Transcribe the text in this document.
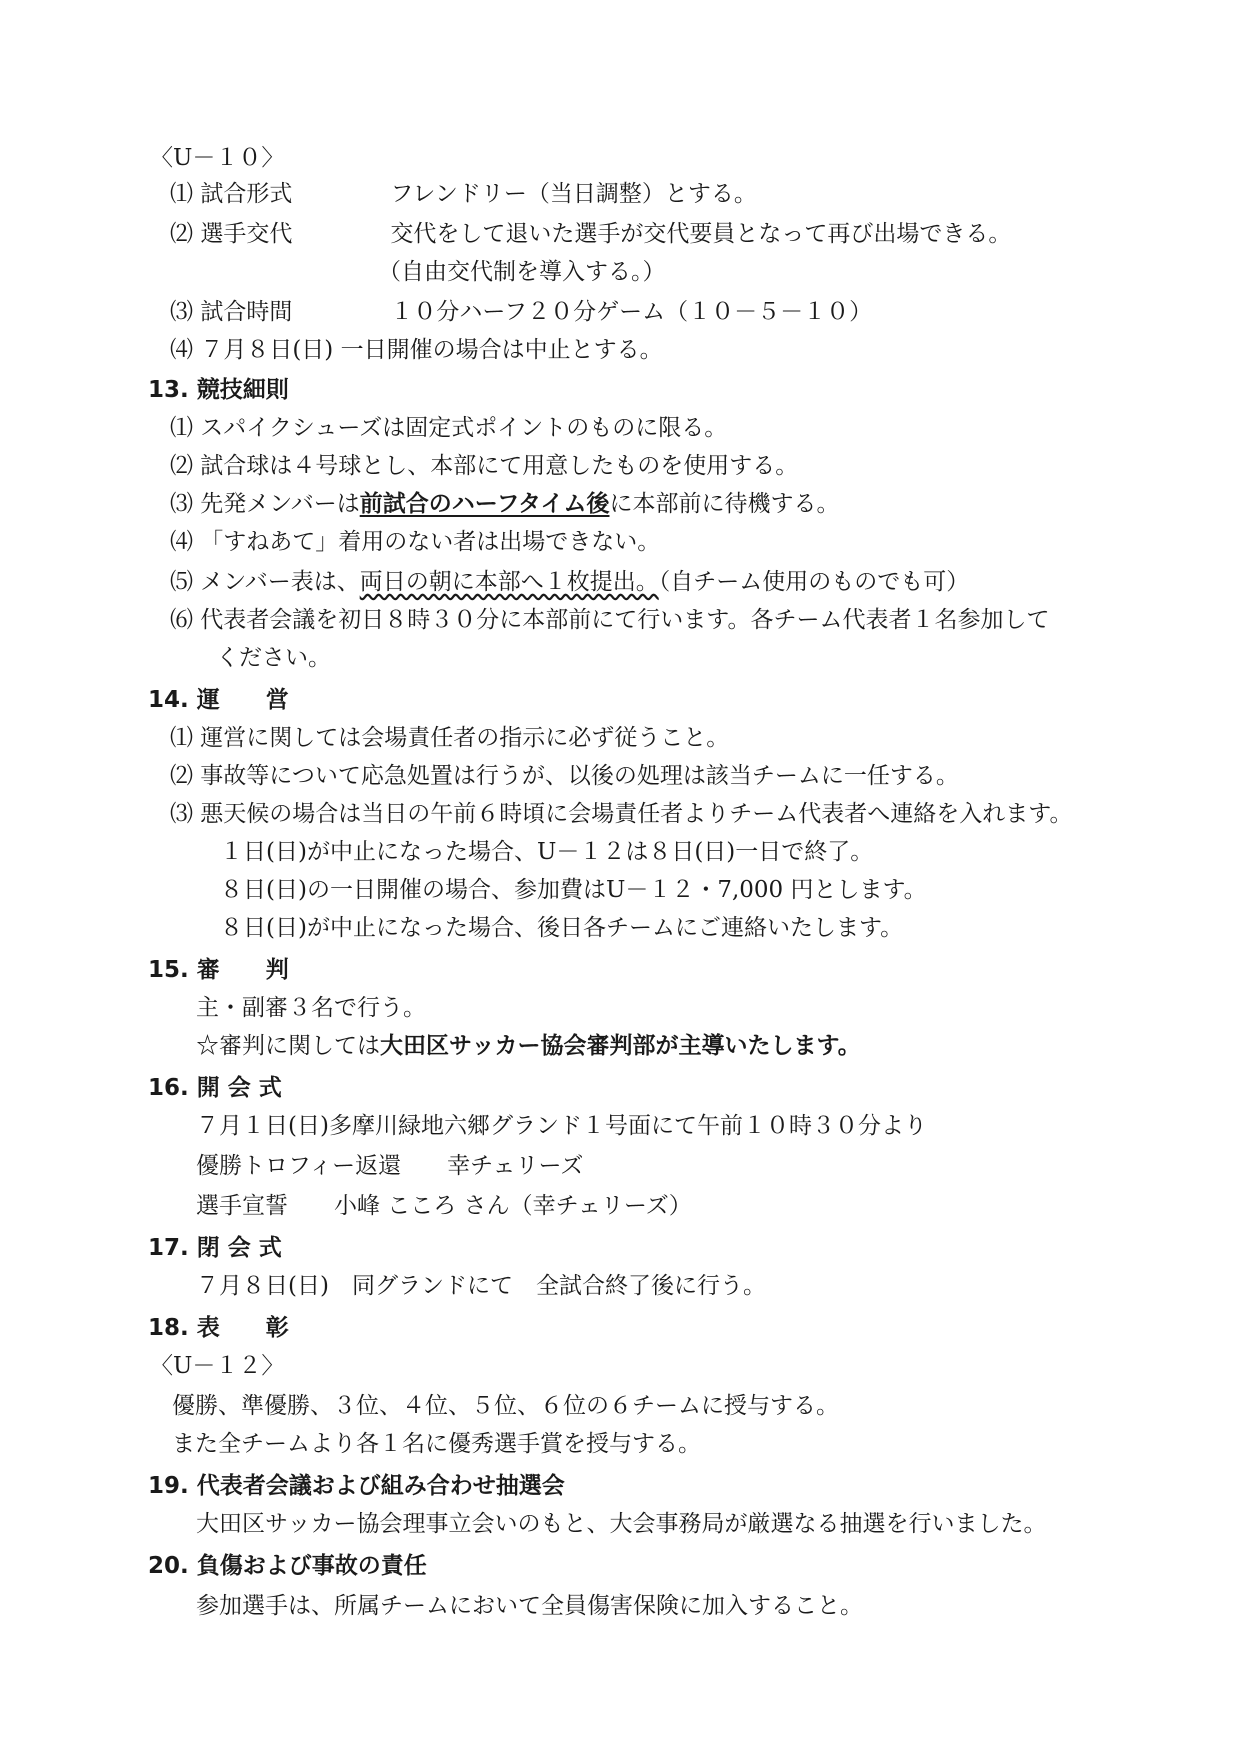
〈U－１０〉
⑴ 試合形式	フレンドリー（当日調整）とする。
⑵ 選手交代	交代をして退いた選手が交代要員となって再び出場できる。
（自由交代制を導入する。）
⑶ 試合時間	１０分ハーフ２０分ゲーム（１０－５－１０）
⑷ ７月８日(日) 一日開催の場合は中止とする。
13. 競技細則
⑴ スパイクシューズは固定式ポイントのものに限る。
⑵ 試合球は４号球とし、本部にて用意したものを使用する。
⑶ 先発メンバーは前試合のハーフタイム後に本部前に待機する。
⑷ 「すねあて」着用のない者は出場できない。
⑸ メンバー表は、両日の朝に本部へ１枚提出。（自チーム使用のものでも可）
⑹ 代表者会議を初日８時３０分に本部前にて行います。各チーム代表者１名参加して
ください。
14. 運　　営
⑴ 運営に関しては会場責任者の指示に必ず従うこと。
⑵ 事故等について応急処置は行うが、以後の処理は該当チームに一任する。
⑶ 悪天候の場合は当日の午前６時頃に会場責任者よりチーム代表者へ連絡を入れます。
１日(日)が中止になった場合、U－１２は８日(日)一日で終了。
８日(日)の一日開催の場合、参加費はU－１２・7,000 円とします。
８日(日)が中止になった場合、後日各チームにご連絡いたします。
15. 審　　判
主・副審３名で行う。
☆審判に関しては大田区サッカー協会審判部が主導いたします。
16. 開 会 式
７月１日(日)多摩川緑地六郷グランド１号面にて午前１０時３０分より
優勝トロフィー返還　　幸チェリーズ
選手宣誓　　小峰 こころ さん（幸チェリーズ）
17. 閉 会 式
７月８日(日)　同グランドにて　全試合終了後に行う。
18. 表　　彰
〈U－１２〉
優勝、準優勝、３位、４位、５位、６位の６チームに授与する。
また全チームより各１名に優秀選手賞を授与する。
19. 代表者会議および組み合わせ抽選会
大田区サッカー協会理事立会いのもと、大会事務局が厳選なる抽選を行いました。
20. 負傷および事故の責任
参加選手は、所属チームにおいて全員傷害保険に加入すること。
